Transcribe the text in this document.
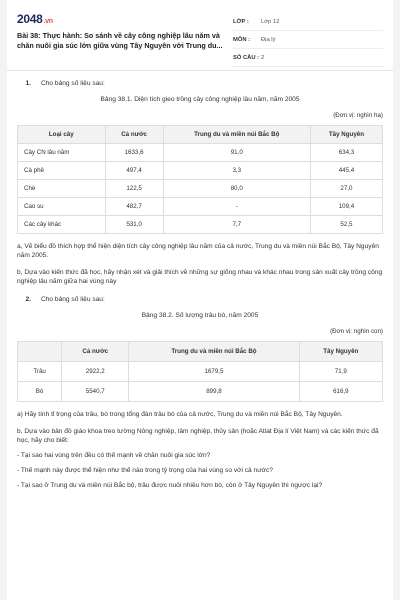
2048.vn
Bài 38: Thực hành: So sánh về cây công nghiệp lâu năm và chăn nuôi gia súc lớn giữa vùng Tây Nguyên với Trung du...
LỚP :	Lớp 12
MÔN :	Địa lý
SỐ CÂU : 2
1. Cho bảng số liệu sau:
Bảng 38.1. Diện tích gieo trồng cây công nghiệp lâu năm, năm 2005
(Đơn vị: nghìn ha)
Loại cây	Cả nước	Trung du và miền núi Bắc Bộ	Tây Nguyên
Cây CN lâu năm	1633,6	91,0	634,3
Cà phê	497,4	3,3	445,4
Chè	122,5	80,0	27,0
Cao su	482,7	-	109,4
Các cây khác	531,0	7,7	52,5
a, Vẽ biểu đồ thích hợp thể hiện diện tích cây công nghiệp lâu năm của cả nước, Trung du và miền núi Bắc Bộ, Tây Nguyên năm 2005.
b, Dựa vào kiến thức đã học, hãy nhận xét và giải thích về những sự giống nhau và khác nhau trong sản xuất cây trồng công nghiệp lâu năm giữa hai vùng này
2. Cho bảng số liệu sau:
Bảng 38.2. Số lượng trâu bò, năm 2005
(Đơn vị: nghìn con)
	Cả nước	Trung du và miền núi Bắc Bộ	Tây Nguyên
Trâu	2922,2	1679,5	71,9
Bò	5540,7	899,8	616,9
a) Hãy tính tỉ trọng của trâu, bò trong tổng đàn trâu bò của cả nước, Trung du và miền núi Bắc Bộ, Tây Nguyên.
b, Dựa vào bản đồ giáo khoa treo tường Nông nghiệp, lâm nghiệp, thủy sản (hoặc Atlat Địa lí Việt Nam) và các kiến thức đã học, hãy cho biết:
- Tại sao hai vùng trên đều có thế mạnh về chăn nuôi gia súc lớn?
- Thế mạnh này được thể hiện như thế nào trong tỷ trọng của hai vùng so với cả nước?
- Tại sao ở Trung du và miền núi Bắc bộ, trâu được nuôi nhiều hơn bò, còn ở Tây Nguyên thì ngược lại?
